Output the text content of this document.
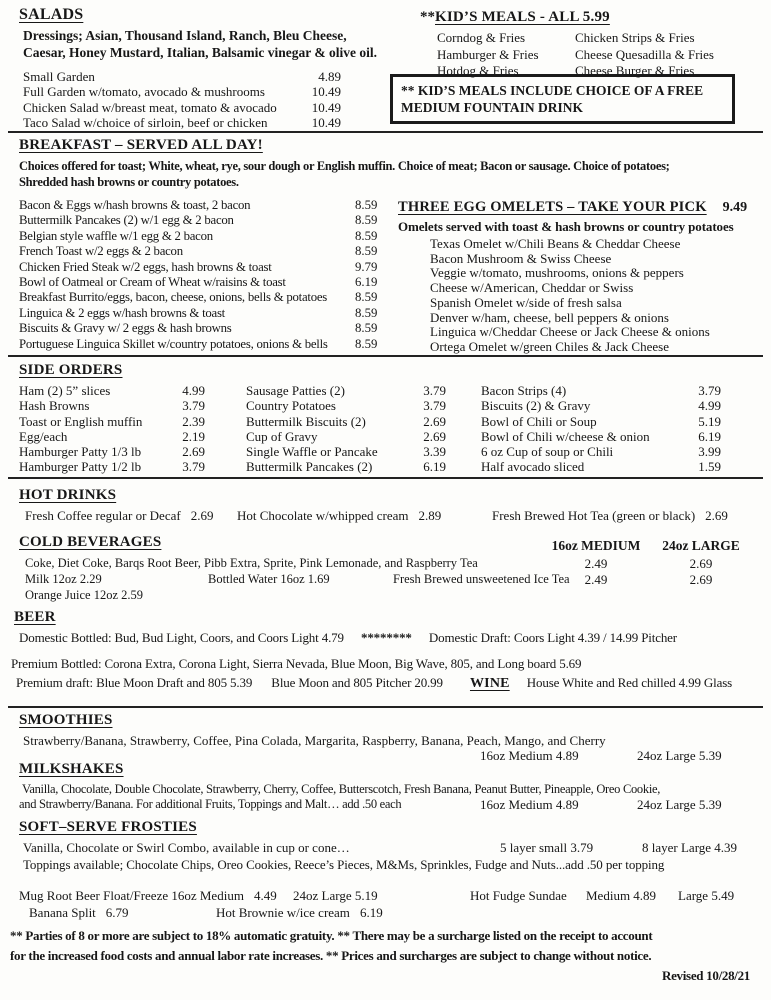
SALADS
Dressings; Asian, Thousand Island, Ranch, Bleu Cheese,
Caesar, Honey Mustard, Italian, Balsamic vinegar & olive oil.
Small Garden	4.89
Full Garden w/tomato, avocado & mushrooms	10.49
Chicken Salad w/breast meat, tomato & avocado	10.49
Taco Salad w/choice of sirloin, beef or chicken	10.49
**KID’S MEALS - ALL 5.99
Corndog & Fries
Hamburger & Fries
Hotdog & Fries
Chicken Strips & Fries
Cheese Quesadilla & Fries
Cheese Burger & Fries
** KID’S MEALS INCLUDE CHOICE OF A FREE
MEDIUM FOUNTAIN DRINK
BREAKFAST – SERVED ALL DAY!
Choices offered for toast; White, wheat, rye, sour dough or English muffin. Choice of meat; Bacon or sausage. Choice of potatoes;
Shredded hash browns or country potatoes.
Bacon & Eggs w/hash browns & toast, 2 bacon	8.59
Buttermilk Pancakes (2) w/1 egg & 2 bacon	8.59
Belgian style waffle w/1 egg & 2 bacon	8.59
French Toast w/2 eggs & 2 bacon	8.59
Chicken Fried Steak w/2 eggs, hash browns & toast	9.79
Bowl of Oatmeal or Cream of Wheat w/raisins & toast	6.19
Breakfast Burrito/eggs, bacon, cheese, onions, bells & potatoes	8.59
Linguica & 2 eggs w/hash browns & toast	8.59
Biscuits & Gravy w/ 2 eggs & hash browns	8.59
Portuguese Linguica Skillet w/country potatoes, onions & bells	8.59
THREE EGG OMELETS – TAKE YOUR PICK 9.49
Omelets served with toast & hash browns or country potatoes
Texas Omelet w/Chili Beans & Cheddar Cheese
Bacon Mushroom & Swiss Cheese
Veggie w/tomato, mushrooms, onions & peppers
Cheese w/American, Cheddar or Swiss
Spanish Omelet w/side of fresh salsa
Denver w/ham, cheese, bell peppers & onions
Linguica w/Cheddar Cheese or Jack Cheese & onions
Ortega Omelet w/green Chiles & Jack Cheese
SIDE ORDERS
Ham (2) 5” slices	4.99
Hash Browns	3.79
Toast or English muffin	2.39
Egg/each	2.19
Hamburger Patty 1/3 lb	2.69
Hamburger Patty 1/2 lb	3.79
Sausage Patties (2)	3.79
Country Potatoes	3.79
Buttermilk Biscuits (2)	2.69
Cup of Gravy	2.69
Single Waffle or Pancake	3.39
Buttermilk Pancakes (2)	6.19
Bacon Strips (4)	3.79
Biscuits (2) & Gravy	4.99
Bowl of Chili or Soup	5.19
Bowl of Chili w/cheese & onion	6.19
6 oz Cup of soup or Chili	3.99
Half avocado sliced	1.59
HOT DRINKS
Fresh Coffee regular or Decaf 2.69 Hot Chocolate w/whipped cream 2.89	Fresh Brewed Hot Tea (green or black) 2.69
COLD BEVERAGES	16oz MEDIUM	24oz LARGE
Coke, Diet Coke, Barqs Root Beer, Pibb Extra, Sprite, Pink Lemonade, and Raspberry Tea	2.49	2.69
Milk 12oz 2.29	Bottled Water 16oz 1.69	Fresh Brewed unsweetened Ice Tea	2.49	2.69
Orange Juice 12oz 2.59
BEER
Domestic Bottled: Bud, Bud Light, Coors, and Coors Light 4.79 ******** Domestic Draft: Coors Light 4.39 / 14.99 Pitcher
Premium Bottled: Corona Extra, Corona Light, Sierra Nevada, Blue Moon, Big Wave, 805, and Long board 5.69
Premium draft: Blue Moon Draft and 805 5.39 Blue Moon and 805 Pitcher 20.99 WINE House White and Red chilled 4.99 Glass
SMOOTHIES
Strawberry/Banana, Strawberry, Coffee, Pina Colada, Margarita, Raspberry, Banana, Peach, Mango, and Cherry
16oz Medium 4.89	24oz Large 5.39
MILKSHAKES
Vanilla, Chocolate, Double Chocolate, Strawberry, Cherry, Coffee, Butterscotch, Fresh Banana, Peanut Butter, Pineapple, Oreo Cookie,
and Strawberry/Banana. For additional Fruits, Toppings and Malt… add .50 each	16oz Medium 4.89	24oz Large 5.39
SOFT–SERVE FROSTIES
Vanilla, Chocolate or Swirl Combo, available in cup or cone…	5 layer small 3.79	8 layer Large 4.39
Toppings available; Chocolate Chips, Oreo Cookies, Reece’s Pieces, M&Ms, Sprinkles, Fudge and Nuts...add .50 per topping
Mug Root Beer Float/Freeze 16oz Medium 4.49 24oz Large 5.19	Hot Fudge Sundae Medium 4.89 Large 5.49
Banana Split 6.79	Hot Brownie w/ice cream 6.19
** Parties of 8 or more are subject to 18% automatic gratuity. ** There may be a surcharge listed on the receipt to account
for the increased food costs and annual labor rate increases. ** Prices and surcharges are subject to change without notice.
Revised 10/28/21
